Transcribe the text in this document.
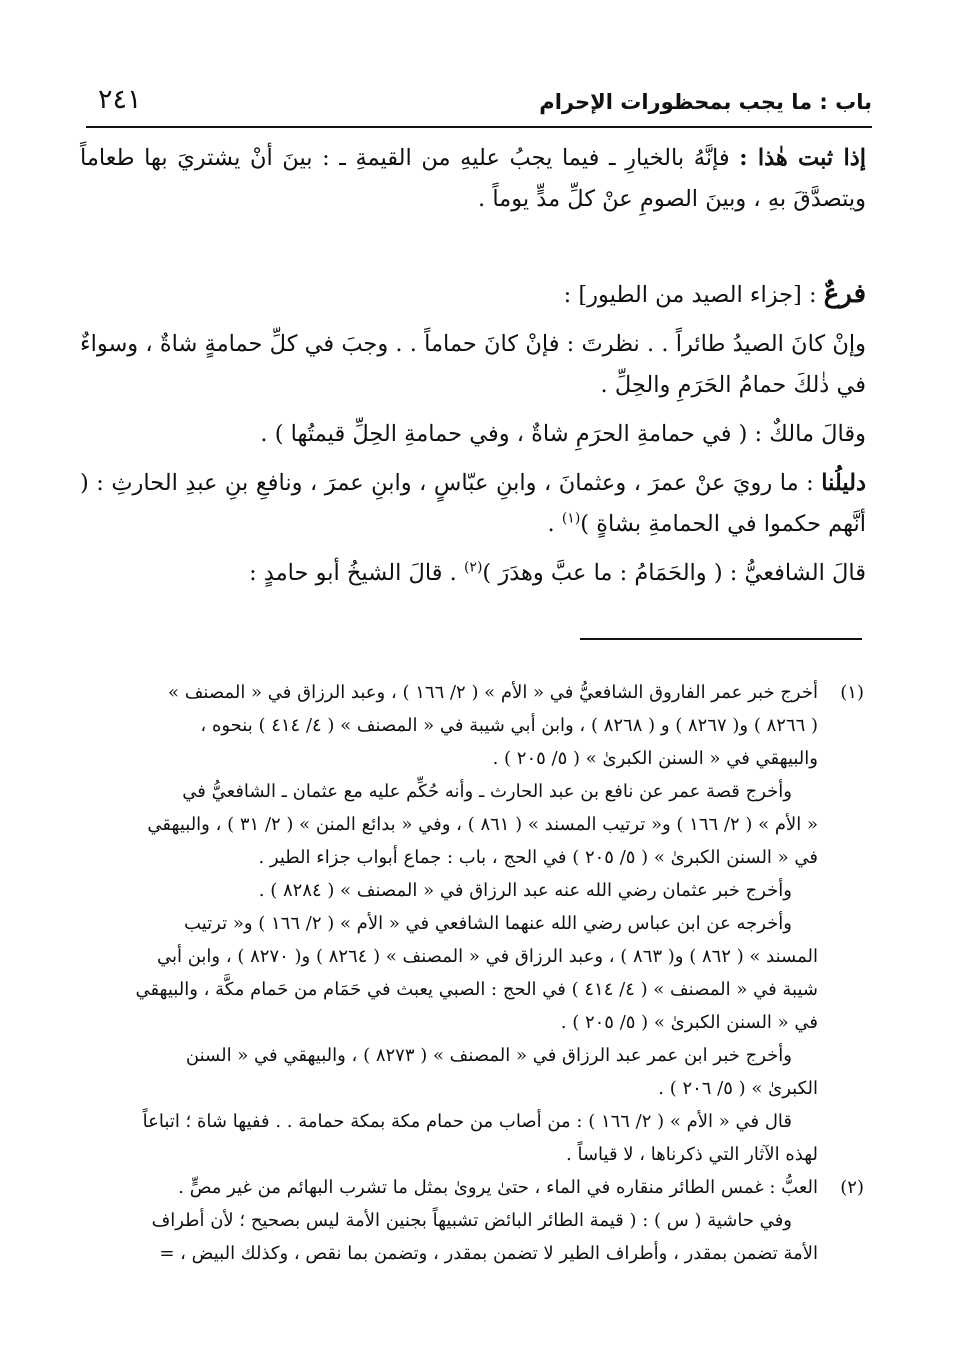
باب : ما يجب بمحظورات الإحرام
٢٤١

إذا ثبت هٰذا : فإنَّهُ بالخيارِ ـ فيما يجبُ عليهِ من القيمةِ ـ : بينَ أنْ يشتريَ بها طعاماً ويتصدَّقَ بهِ ، وبينَ الصومِ عنْ كلِّ مدٍّ يوماً .

فرعٌ : [جزاء الصيد من الطيور] :

وإنْ كانَ الصيدُ طائراً . . نظرتَ : فإنْ كانَ حماماً . . وجبَ في كلِّ حمامةٍ شاةٌ ، وسواءٌ في ذٰلكَ حمامُ الحَرَمِ والحِلِّ .

وقالَ مالكٌ : ( في حمامةِ الحرَمِ شاةٌ ، وفي حمامةِ الحِلِّ قيمتُها ) .

دليلُنا : ما رويَ عنْ عمرَ ، وعثمانَ ، وابنِ عبّاسٍ ، وابنِ عمرَ ، ونافعِ بنِ عبدِ الحارثِ : ( أنَّهم حكموا في الحمامةِ بشاةٍ )$^{(١)}$ .

قالَ الشافعيُّ : ( والحَمَامُ : ما عبَّ وهدَرَ )$^{(٢)}$ . قالَ الشيخُ أبو حامدٍ :

(١)
أخرج خبر عمر الفاروق الشافعيُّ في « الأم » ( ٢/ ١٦٦ ) ، وعبد الرزاق في « المصنف »
( ٨٢٦٦ ) و( ٨٢٦٧ ) و ( ٨٢٦٨ ) ، وابن أبي شيبة في « المصنف » ( ٤/ ٤١٤ ) بنحوه ،
والبيهقي في « السنن الكبرىٰ » ( ٥/ ٢٠٥ ) .
وأخرج قصة عمر عن نافع بن عبد الحارث ـ وأنه حُكِّم عليه مع عثمان ـ الشافعيُّ في
« الأم » ( ٢/ ١٦٦ ) و« ترتيب المسند » ( ٨٦١ ) ، وفي « بدائع المنن » ( ٢/ ٣١ ) ، والبيهقي
في « السنن الكبرىٰ » ( ٥/ ٢٠٥ ) في الحج ، باب : جماع أبواب جزاء الطير .
وأخرج خبر عثمان رضي الله عنه عبد الرزاق في « المصنف » ( ٨٢٨٤ ) .
وأخرجه عن ابن عباس رضي الله عنهما الشافعي في « الأم » ( ٢/ ١٦٦ ) و« ترتيب
المسند » ( ٨٦٢ ) و( ٨٦٣ ) ، وعبد الرزاق في « المصنف » ( ٨٢٦٤ ) و( ٨٢٧٠ ) ، وابن أبي
شيبة في « المصنف » ( ٤/ ٤١٤ ) في الحج : الصبي يعبث في حَمَام من حَمام مكَّة ، والبيهقي
في « السنن الكبرىٰ » ( ٥/ ٢٠٥ ) .
وأخرج خبر ابن عمر عبد الرزاق في « المصنف » ( ٨٢٧٣ ) ، والبيهقي في « السنن
الكبرىٰ » ( ٥/ ٢٠٦ ) .
قال في « الأم » ( ٢/ ١٦٦ ) : من أصاب من حمام مكة بمكة حمامة . . ففيها شاة ؛ اتباعاً
لهذه الآثار التي ذكرناها ، لا قياساً .
(٢)
العبُّ : غمس الطائر منقاره في الماء ، حتىٰ يرویٰ بمثل ما تشرب البهائم من غير مصٍّ .
وفي حاشية ( س ) : ( قيمة الطائر البائض تشبيهاً بجنين الأمة ليس بصحيح ؛ لأن أطراف
الأمة تضمن بمقدر ، وأطراف الطير لا تضمن بمقدر ، وتضمن بما نقص ، وكذلك البيض ، =
